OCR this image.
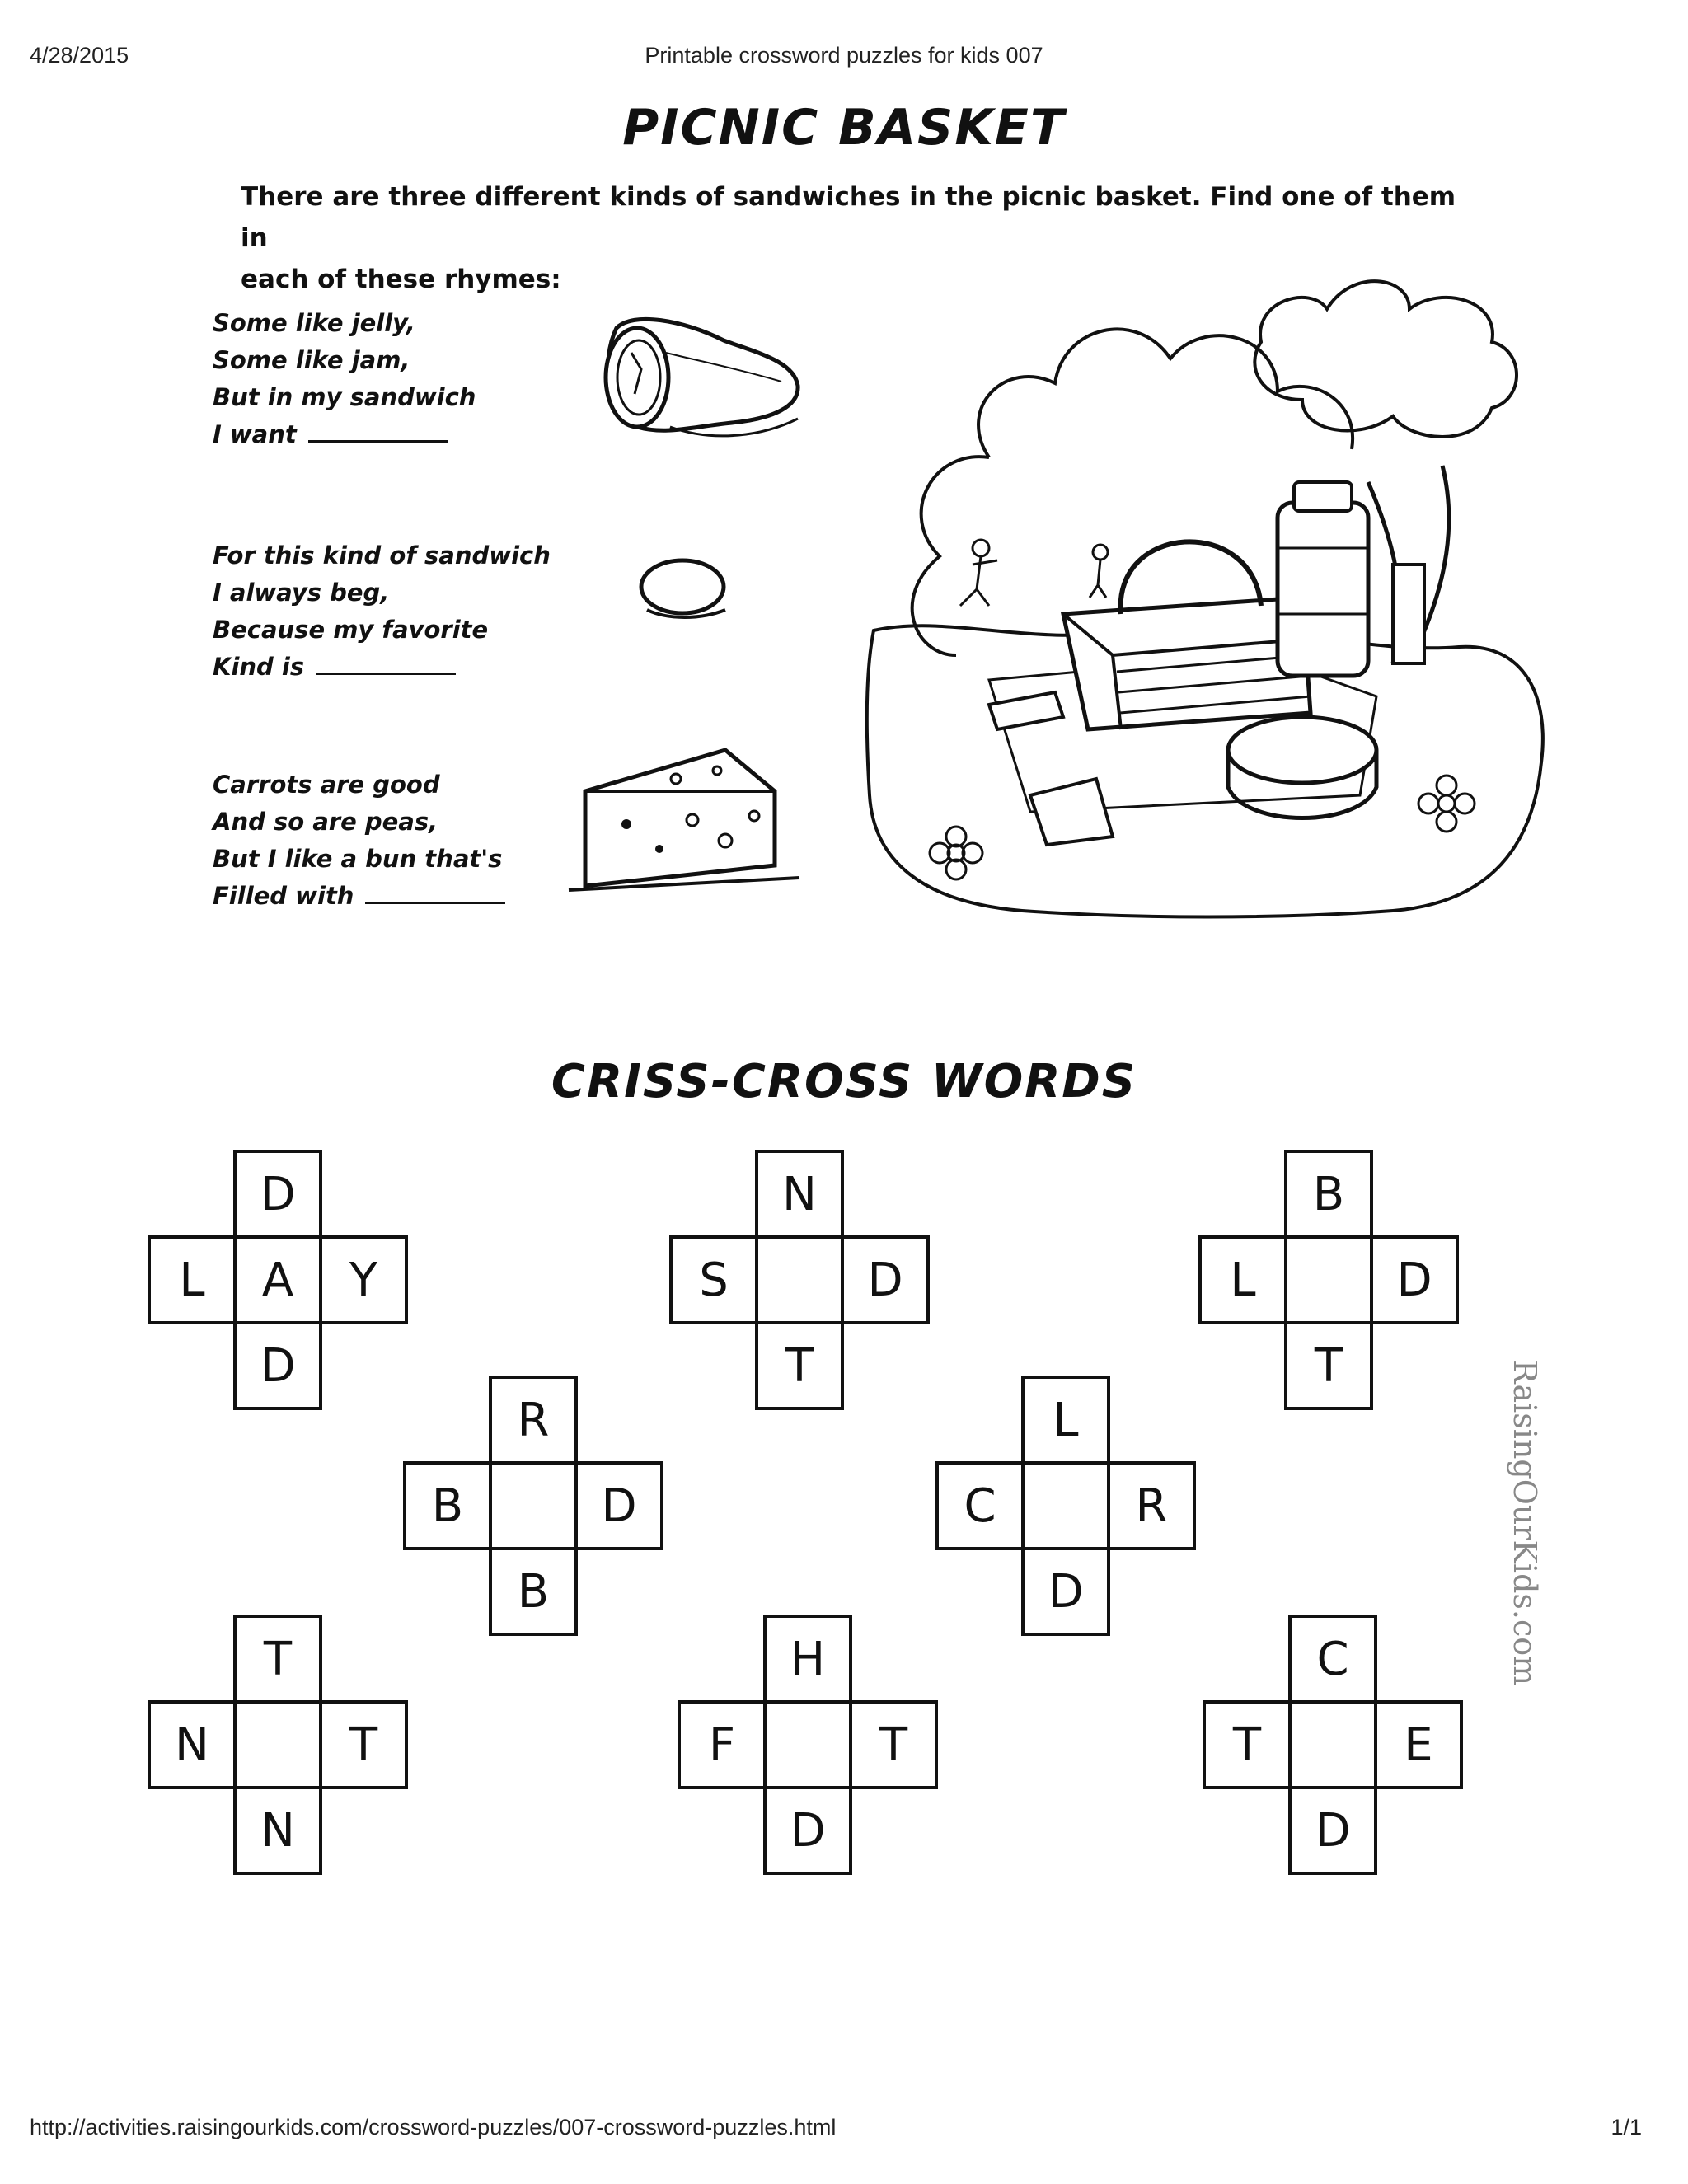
4/28/2015	Printable crossword puzzles for kids 007
PICNIC BASKET
There are three different kinds of sandwiches in the picnic basket. Find one of them in
each of these rhymes:
Some like jelly,
Some like jam,
But in my sandwich
I want
For this kind of sandwich
I always beg,
Because my favorite
Kind is
Carrots are good
And so are peas,
But I like a bun that's
Filled with
CRISS-CROSS WORDS
D
L	A	Y
D
N
S	D
T
B
L	D
T
R
B	D
B
L
C	R
D
T
N	T
N
H
F	T
D
C
T	E
D
RaisingOurKids.com
http://activities.raisingourkids.com/crossword-puzzles/007-crossword-puzzles.html	1/1
